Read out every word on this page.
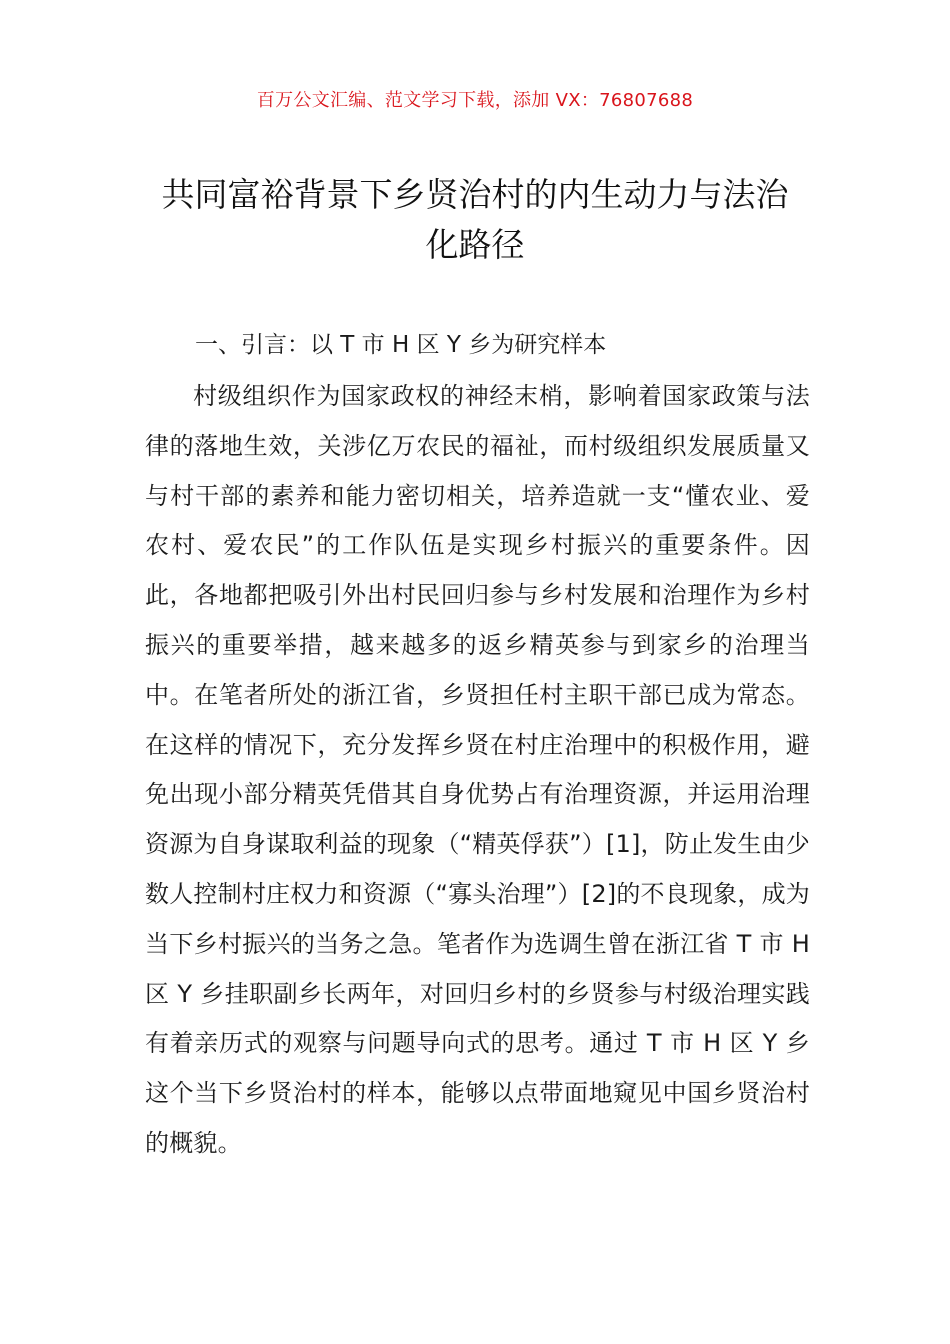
百万公文汇编、范文学习下载，添加 VX：76807688
共同富裕背景下乡贤治村的内生动力与法治化路径
一、引言：以 T 市 H 区 Y 乡为研究样本

村级组织作为国家政权的神经末梢，影响着国家政策与法律的落地生效，关涉亿万农民的福祉，而村级组织发展质量又与村干部的素养和能力密切相关，培养造就一支“懂农业、爱农村、爱农民”的工作队伍是实现乡村振兴的重要条件。因此，各地都把吸引外出村民回归参与乡村发展和治理作为乡村振兴的重要举措，越来越多的返乡精英参与到家乡的治理当中。在笔者所处的浙江省，乡贤担任村主职干部已成为常态。在这样的情况下，充分发挥乡贤在村庄治理中的积极作用，避免出现小部分精英凭借其自身优势占有治理资源，并运用治理资源为自身谋取利益的现象（“精英俘获”）[1]，防止发生由少数人控制村庄权力和资源（“寡头治理”）[2]的不良现象，成为当下乡村振兴的当务之急。笔者作为选调生曾在浙江省 T 市 H 区 Y 乡挂职副乡长两年，对回归乡村的乡贤参与村级治理实践有着亲历式的观察与问题导向式的思考。通过 T 市 H 区 Y 乡这个当下乡贤治村的样本，能够以点带面地窥见中国乡贤治村的概貌。
